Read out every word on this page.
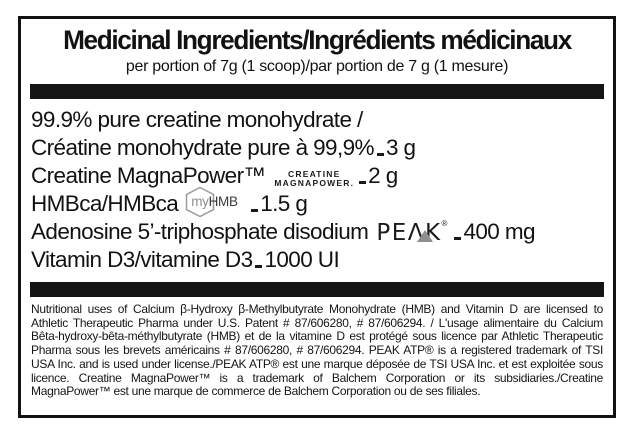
Medicinal Ingredients/Ingrédients médicinaux
per portion of 7g (1 scoop)/par portion de 7 g (1 mesure)
99.9% pure creatine monohydrate /
Créatine monohydrate pure à 99,9% 3 g
Creatine MagnaPower™	CREATINE
MAGNAPOWER. 2 g
HMBca/HMBca myHMB 1.5 g
Adenosine 5’-triphosphate disodium PEΛK® 400 mg
Vitamin D3/vitamine D3 1000 UI
Nutritional uses of Calcium β-Hydroxy β-Methylbutyrate Monohydrate (HMB) and Vitamin D are licensed to Athletic Therapeutic Pharma under U.S. Patent # 87/606280, # 87/606294. / L'usage alimentaire du Calcium Bêta-hydroxy-bêta-méthylbutyrate (HMB) et de la vitamine D est protégé sous licence par Athletic Therapeutic Pharma sous les brevets américains # 87/606280, # 87/606294. PEAK ATP® is a registered trademark of TSI USA Inc. and is used under license./PEAK ATP® est une marque déposée de TSI USA Inc. et est exploitée sous licence. Creatine MagnaPower™ is a trademark of Balchem Corporation or its subsidiaries./Creatine MagnaPower™ est une marque de commerce de Balchem Corporation ou de ses filiales.
